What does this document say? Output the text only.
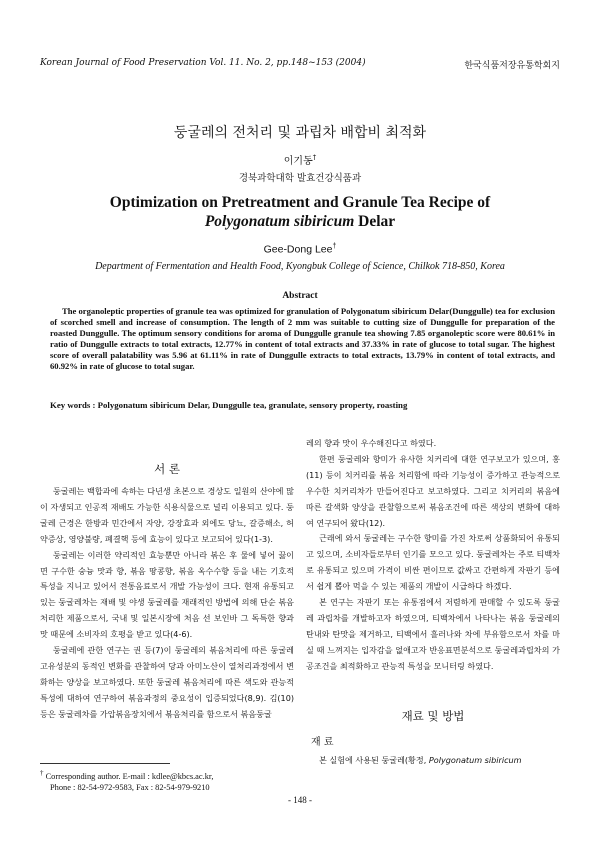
Korean Journal of Food Preservation Vol. 11. No. 2, pp.148~153 (2004)	한국식품저장유통학회지
둥굴레의 전처리 및 과립차 배합비 최적화
이기동†
경북과학대학 발효건강식품과
Optimization on Pretreatment and Granule Tea Recipe of
Polygonatum sibiricum Delar
Gee-Dong Lee†
Department of Fermentation and Health Food, Kyongbuk College of Science, Chilkok 718-850, Korea
Abstract
The organoleptic properties of granule tea was optimized for granulation of Polygonatum sibiricum Delar(Dunggulle) tea for exclusion of scorched smell and increase of consumption. The length of 2 mm was suitable to cutting size of Dunggulle for preparation of the roasted Dunggulle. The optimum sensory conditions for aroma of Dunggulle granule tea showing 7.85 organoleptic score were 80.61% in ratio of Dunggulle extracts to total extracts, 12.77% in content of total extracts and 37.33% in rate of glucose to total sugar. The highest score of overall palatability was 5.96 at 61.11% in rate of Dunggulle extracts to total extracts, 13.79% in content of total extracts, and 60.92% in rate of glucose to total sugar.
Key words : Polygonatum sibiricum Delar, Dunggulle tea, granulate, sensory property, roasting
서 론

둥굴레는 백합과에 속하는 다년생 초본으로 경상도 일원의 산야에 많이 자생되고 인공적 재배도 가능한 식용식물으로 널리 이용되고 있다. 둥굴레 근경은 한방과 민간에서 자양, 강장효과 외에도 당뇨, 갈증해소, 허약증상, 영양불량, 폐결핵 등에 효능이 있다고 보고되어 있다(1-3).

둥굴레는 이러한 약리적인 효능뿐만 아니라 볶은 후 물에 넣어 끓이면 구수한 숭늉 맛과 향, 볶음 땅콩향, 볶음 옥수수향 등을 내는 기호적 특성을 지니고 있어서 전통음료로서 개발 가능성이 크다. 현재 유통되고 있는 둥굴레차는 재배 및 야생 둥굴레를 재래적인 방법에 의해 단순 볶음 처리한 제품으로서, 국내 및 일본시장에 처음 선 보인바 그 독특한 향과 맛 때문에 소비자의 호평을 받고 있다(4-6).

둥굴레에 관한 연구는 권 등(7)이 둥굴레의 볶음처리에 따른 둥굴레 고유성분의 동적인 변화를 관찰하여 당과 아미노산이 열처리과정에서 변화하는 양상을 보고하였다. 또한 둥굴레 볶음처리에 따른 색도와 관능적 특성에 대하여 연구하여 볶음과정의 중요성이 입증되었다(8,9). 김(10) 등은 둥굴레차를 가압볶음장치에서 볶음처리를 함으로서 볶음둥굴

레의 향과 맛이 우수해진다고 하였다.

한편 둥굴레와 향미가 유사한 치커리에 대한 연구보고가 있으며, 홍(11) 등이 치커리를 볶음 처리함에 따라 기능성이 증가하고 관능적으로 우수한 치커리차가 만들어진다고 보고하였다. 그리고 치커리의 볶음에 따른 갈색화 양상을 관찰함으로써 볶음조건에 따른 색상의 변화에 대하여 연구되어 왔다(12).

근래에 와서 둥굴레는 구수한 향미를 가진 차로써 상품화되어 유통되고 있으며, 소비자들로부터 인기를 모으고 있다. 둥굴레차는 주로 티백차로 유통되고 있으며 가격이 비싼 편이므로 값싸고 간편하게 자판기 등에서 쉽게 뽑아 먹을 수 있는 제품의 개발이 시급하다 하겠다.

본 연구는 자판기 또는 유통점에서 저렴하게 판매할 수 있도록 둥굴레 과립차를 개발하고자 하였으며, 티백차에서 나타나는 볶음 둥굴레의 탄내와 탄맛을 제거하고, 티백에서 흘러나와 차에 부유함으로서 차를 마실 때 느껴지는 입자감을 없애고자 반응표면분석으로 둥굴레과립차의 가공조건을 최적화하고 관능적 특성을 모니터링 하였다.

재료 및 방법
재 료

본 실험에 사용된 둥굴레(황정, Polygonatum sibiricum

† Corresponding author. E-mail : kdlee@kbcs.ac.kr,
Phone : 82-54-972-9583, Fax : 82-54-979-9210
- 148 -
